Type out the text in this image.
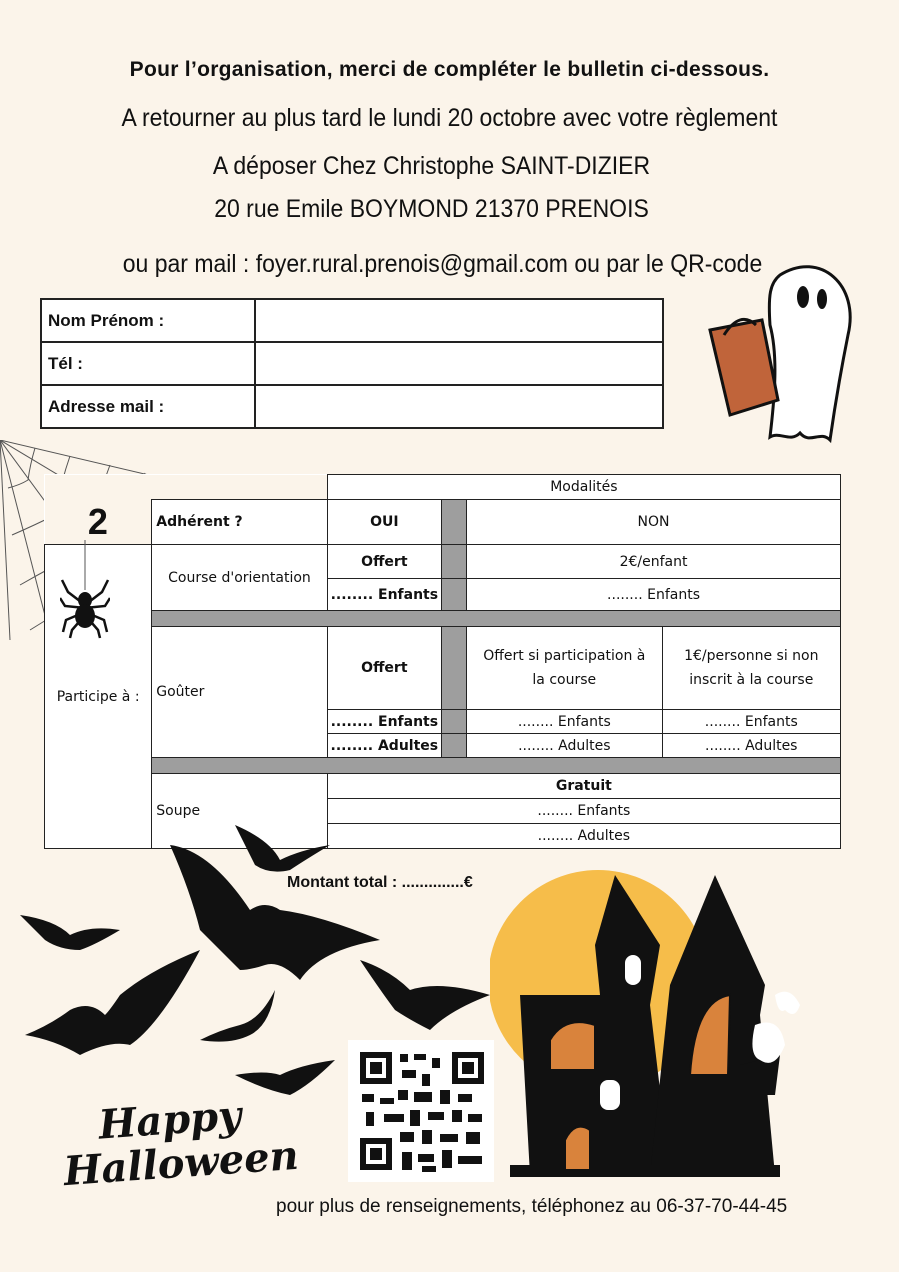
Pour l’organisation, merci de compléter le bulletin ci-dessous.
A retourner au plus tard le lundi 20 octobre avec votre règlement
A déposer Chez Christophe SAINT-DIZIER
20 rue Emile BOYMOND 21370 PRENOIS
ou par mail : foyer.rural.prenois@gmail.com ou par le QR-code
Nom Prénom :	
Tél :	
Adresse mail :	
		Modalités			
2	Adhérent ?	OUI		NON	
Participe à :	Course d'orientation	Offert		2€/enfant	
		........ Enfants		........ Enfants	

	Goûter	Offert		Offert si participation à la course	1€/personne si non inscrit à la course
		........ Enfants		........ Enfants	........ Enfants
		........ Adultes		........ Adultes	........ Adultes

	Soupe	Gratuit			
		........ Enfants			
		........ Adultes			
Montant total : ..............€
Happy
Halloween
pour plus de renseignements, téléphonez au 06-37-70-44-45
